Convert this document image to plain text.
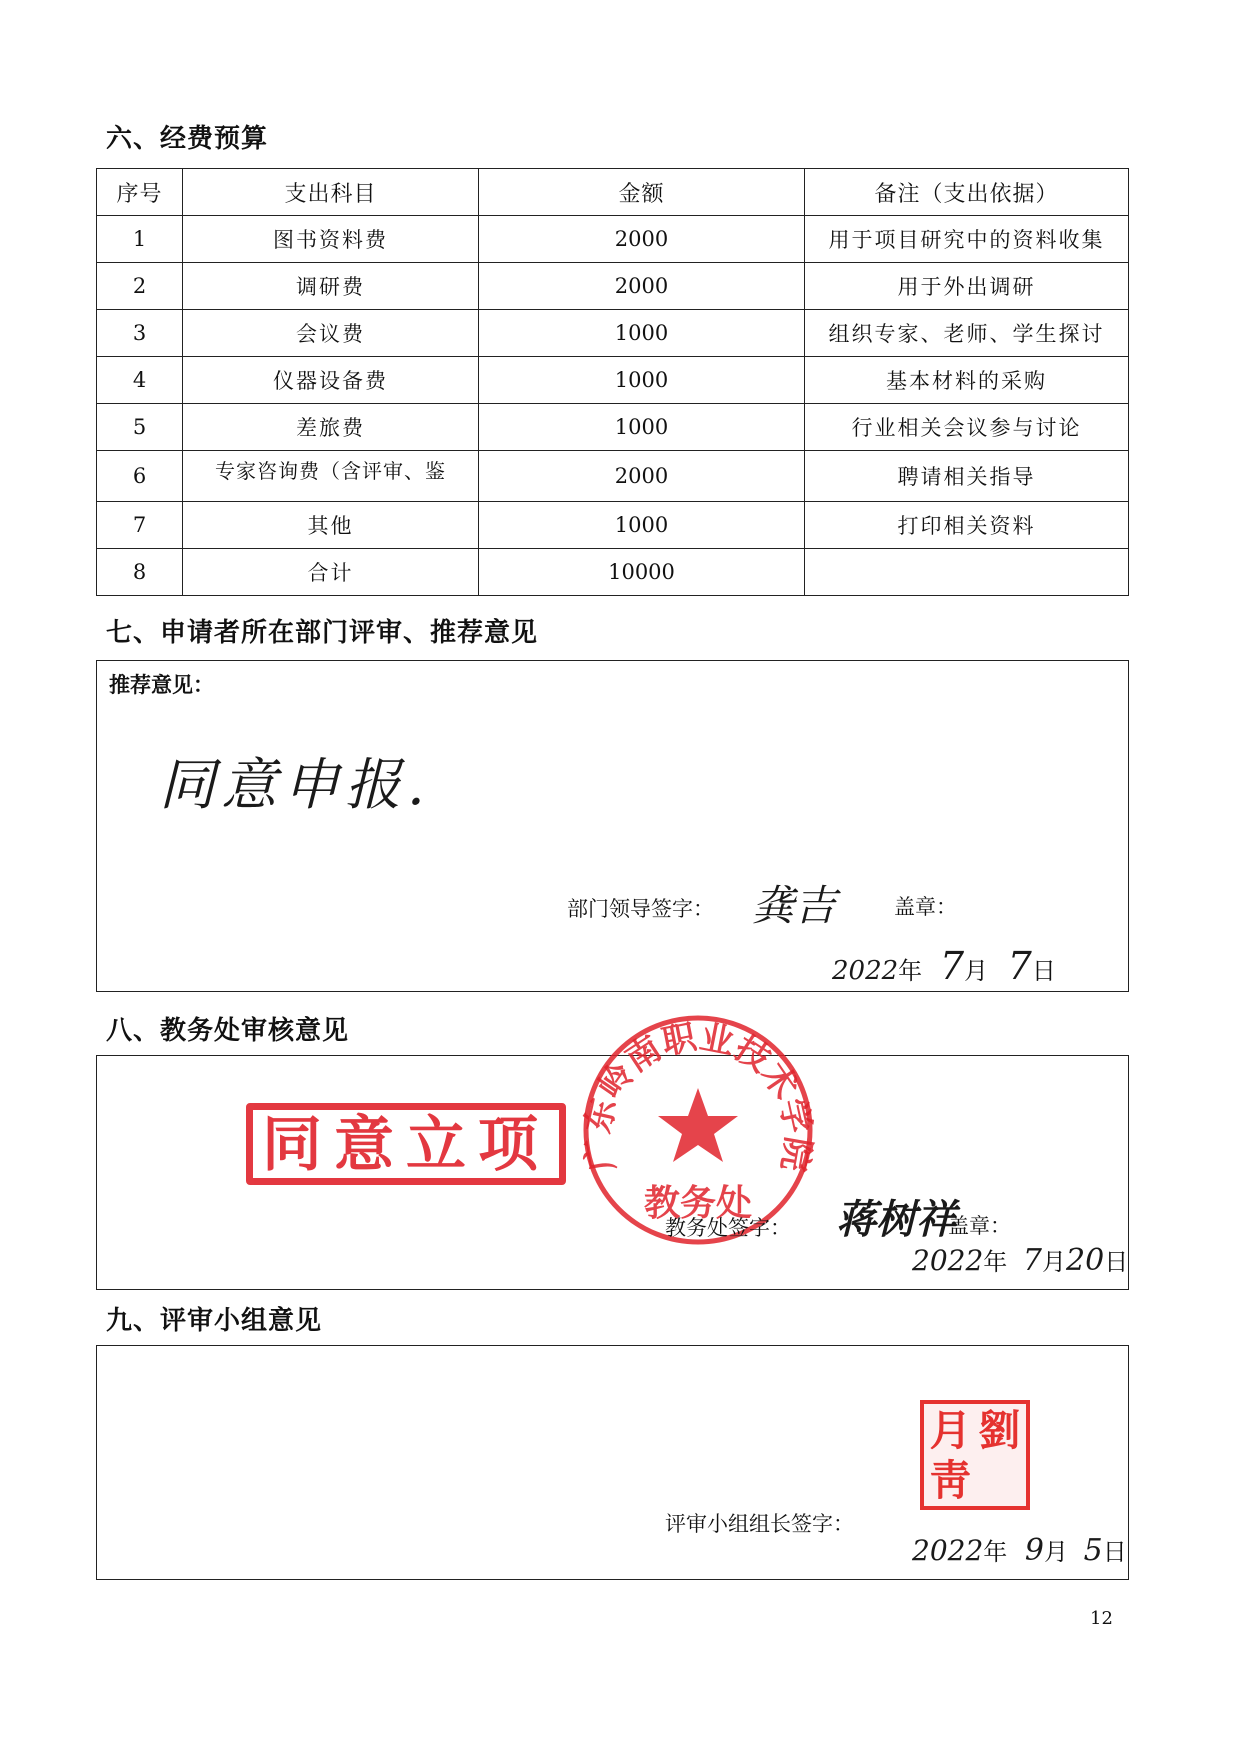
六、经费预算
序号	支出科目	金额	备注（支出依据）
1	图书资料费	2000	用于项目研究中的资料收集
2	调研费	2000	用于外出调研
3	会议费	1000	组织专家、老师、学生探讨
4	仪器设备费	1000	基本材料的采购
5	差旅费	1000	行业相关会议参与讨论
6	专家咨询费（含评审、鉴	2000	聘请相关指导
7	其他	1000	打印相关资料
8	合计	10000	
七、申请者所在部门评审、推荐意见
推荐意见：
同意申报.
部门领导签字： 龚吉	盖章：
2022年 7月 7日
八、教务处审核意见
同意立项 广东岭南职业技术学院
教务处
教务处签字： 蒋树祥
盖章：
2022年 7月20日
九、评审小组意见
月 劉
靑
评审小组组长签字：
2022年 9月 5日
12
